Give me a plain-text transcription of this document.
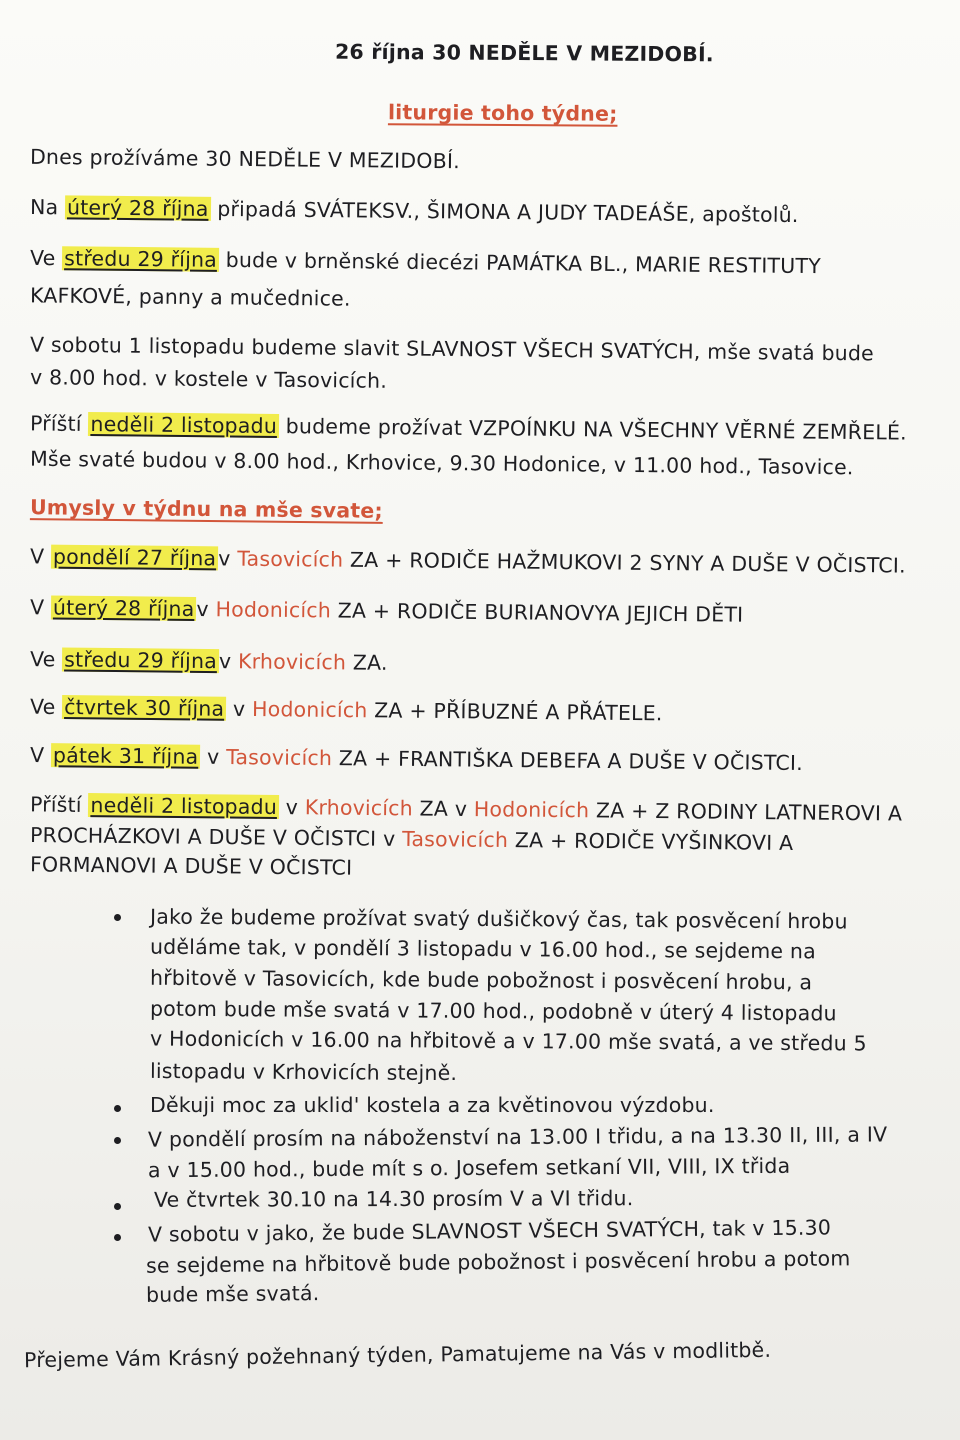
26 října 30 NEDĚLE V MEZIDOBÍ.
liturgie toho týdne;
Dnes prožíváme 30 NEDĚLE V MEZIDOBÍ.
Na úterý 28 října připadá SVÁTEKSV., ŠIMONA A JUDY TADEÁŠE, apoštolů.
Ve středu 29 října bude v brněnské diecézi PAMÁTKA BL., MARIE RESTITUTY
KAFKOVÉ, panny a mučednice.
V sobotu 1 listopadu budeme slavit SLAVNOST VŠECH SVATÝCH, mše svatá bude
v 8.00 hod. v kostele v Tasovicích.
Příští neděli 2 listopadu budeme prožívat VZPOÍNKU NA VŠECHNY VĚRNÉ ZEMŘELÉ.
Mše svaté budou v 8.00 hod., Krhovice, 9.30 Hodonice, v 11.00 hod., Tasovice.
Umysly v týdnu na mše svate;
V pondělí 27 říjnav Tasovicích ZA + RODIČE HAŽMUKOVI 2 SYNY A DUŠE V OČISTCI.
V úterý 28 říjnav Hodonicích ZA + RODIČE BURIANOVYA JEJICH DĚTI
Ve středu 29 říjnav Krhovicích ZA.
Ve čtvrtek 30 října v Hodonicích ZA + PŘÍBUZNÉ A PŘÁTELE.
V pátek 31 října v Tasovicích ZA + FRANTIŠKA DEBEFA A DUŠE V OČISTCI.
Příští neděli 2 listopadu v Krhovicích ZA v Hodonicích ZA + Z RODINY LATNEROVI A
PROCHÁZKOVI A DUŠE V OČISTCI v Tasovicích ZA + RODIČE VYŠINKOVI A
FORMANOVI A DUŠE V OČISTCI
Jako že budeme prožívat svatý dušičkový čas, tak posvěcení hrobu
uděláme tak, v pondělí 3 listopadu v 16.00 hod., se sejdeme na
hřbitově v Tasovicích, kde bude pobožnost i posvěcení hrobu, a
potom bude mše svatá v 17.00 hod., podobně v úterý 4 listopadu
v Hodonicích v 16.00 na hřbitově a v 17.00 mše svatá, a ve středu 5
listopadu v Krhovicích stejně.
Děkuji moc za uklid' kostela a za květinovou výzdobu.
V pondělí prosím na náboženství na 13.00 I třidu, a na 13.30 II, III, a IV
a v 15.00 hod., bude mít s o. Josefem setkaní VII, VIII, IX třida
Ve čtvrtek 30.10 na 14.30 prosím V a VI třidu.
V sobotu v jako, že bude SLAVNOST VŠECH SVATÝCH, tak v 15.30
se sejdeme na hřbitově bude pobožnost i posvěcení hrobu a potom
bude mše svatá.
Přejeme Vám Krásný požehnaný týden, Pamatujeme na Vás v modlitbě.
